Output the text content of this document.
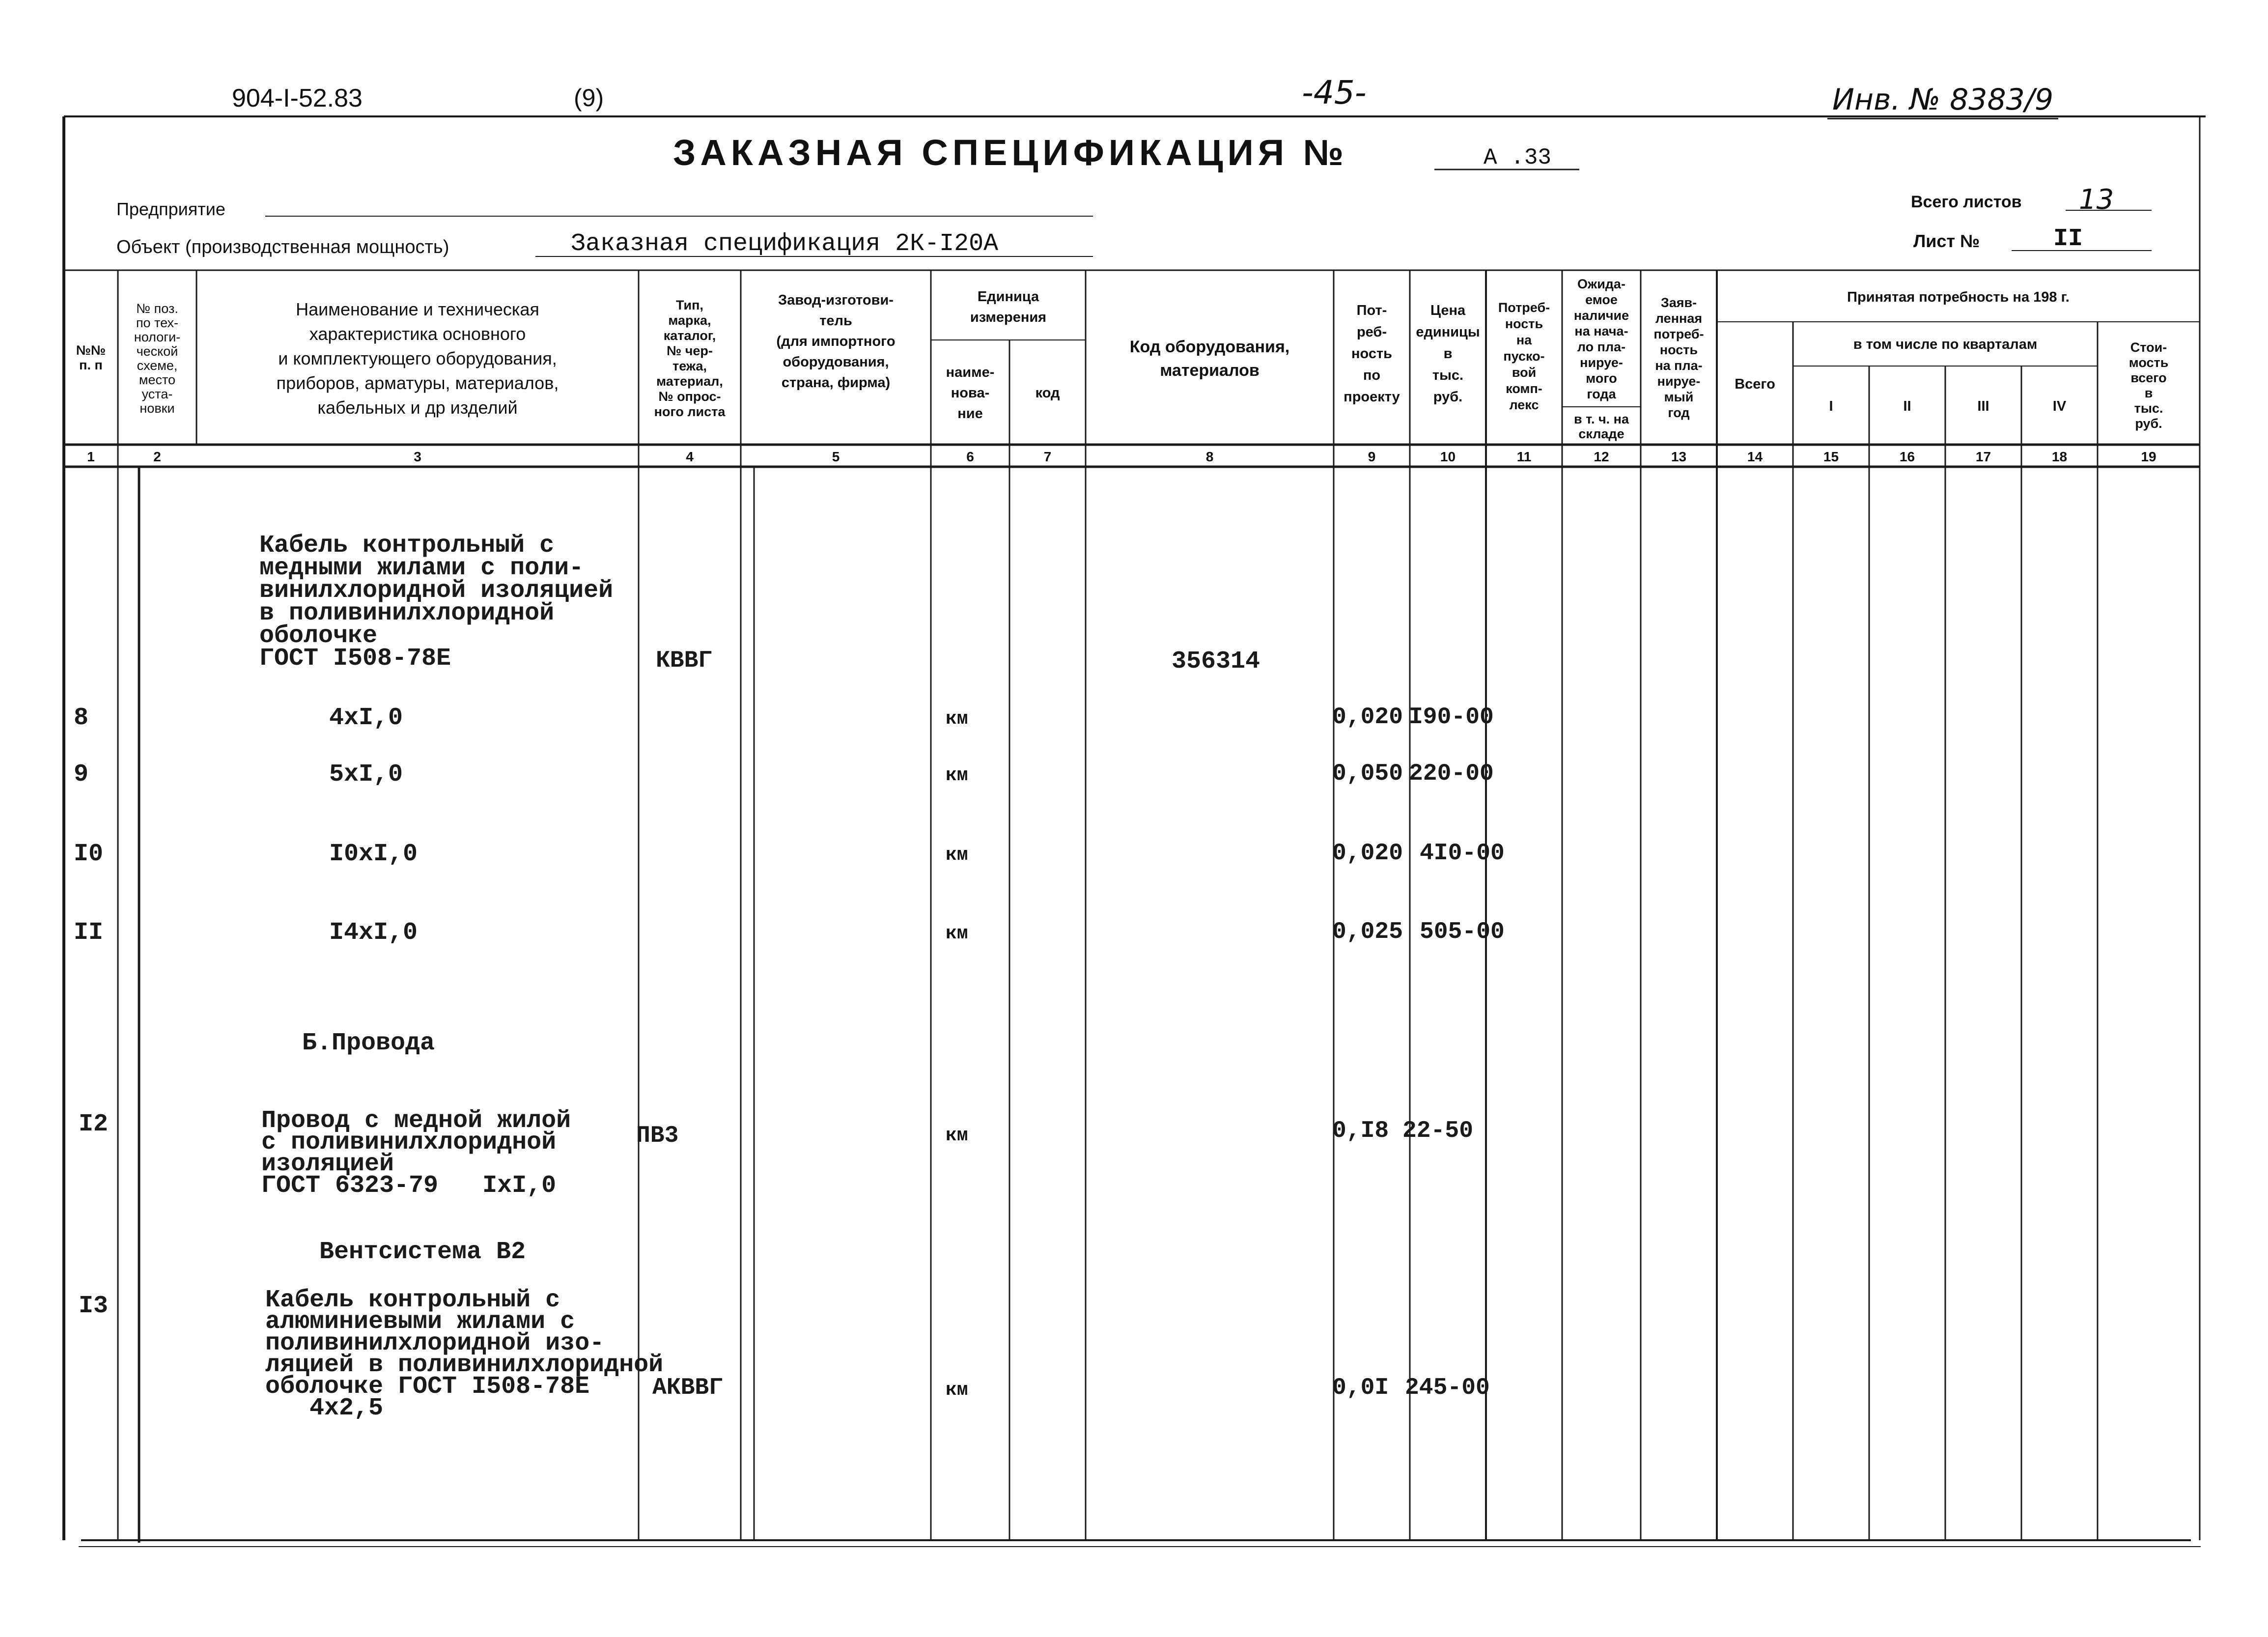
904-I-52.83	(9)	-45-	Инв. № 8383/9
ЗАКАЗНАЯ СПЕЦИФИКАЦИЯ №	А .33
Предприятие
Объект (производственная мощность)	Заказная спецификация 2К-I20А
Всего листов 13
Лист №	II
№№
п. п
№ поз.
по тех-
нологи-
ческой
схеме,
место
уста-
новки
Наименование и техническая
характеристика основного
и комплектующего оборудования,
приборов, арматуры, материалов,
кабельных и др изделий
Тип,
марка,
каталог,
№ чер-
тежа,
материал,
№ опрос-
ного листа
Завод-изготови-
тель
(для импортного
оборудования,
страна, фирма)
Единица
измерения
наиме-
нова-
ние
код
Код оборудования,
материалов
Пот-
реб-
ность
по
проекту
Цена
единицы
в
тыс.
руб.
Потреб-
ность
на
пуско-
вой
комп-
лекс
Ожида-
емое
наличие
на нача-
ло пла-
нируе-
мого
года
в т. ч. на
складе
Заяв-
ленная
потреб-
ность
на пла-
нируе-
мый
год
Принятая потребность на 198 г.
Всего
в том числе по кварталам
I	II	III	IV
Стои-
мость
всего
в
тыс.
руб.
1	2	3	4	5	6	7	8	9	10	11	12	13	14	15	16	17	18	19
Кабель контрольный с
медными жилами с поли-
винилхлоридной изоляцией
в поливинилхлоридной
оболочке
ГОСТ I508-78Е	КВВГ	356314
8	4хI,0	км	0,020 I90-00
9	5хI,0	км	0,050 220-00
I0	I0хI,0	км	0,020 4I0-00
II	I4хI,0	км	0,025 505-00
Б.Провода
I2	Провод с медной жилой
с поливинилхлоридной
изоляцией
ГОСТ 6323-79   IхI,0
ПВ3	км	0,I8 22-50
Вентсистема В2
I3	Кабель контрольный с
алюминиевыми жилами с
поливинилхлоридной изо-
ляцией в поливинилхлоридной
оболочке ГОСТ I508-78Е
4х2,5
АКВВГ	км	0,0I 245-00
